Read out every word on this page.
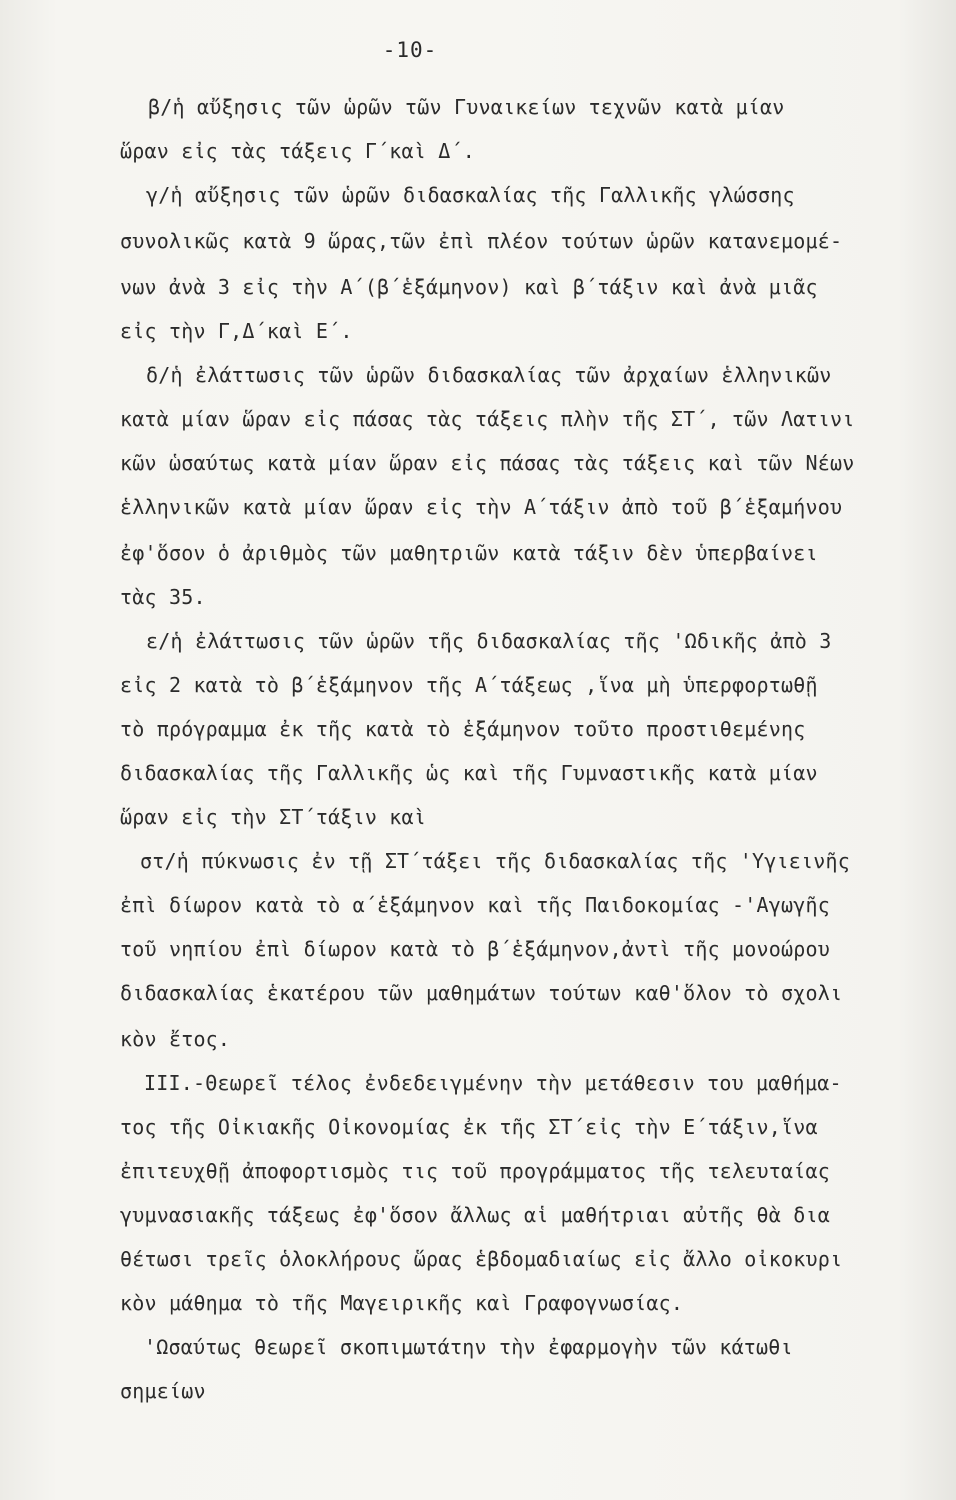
-10-
β/ἡ αὔξησις τῶν ὡρῶν τῶν Γυναικείων τεχνῶν κατὰ μίαν
ὥραν εἰς τὰς τάξεις Γ΄καὶ Δ΄.
γ/ἡ αὔξησις τῶν ὡρῶν διδασκαλίας τῆς Γαλλικῆς γλώσσης
συνολικῶς κατὰ 9 ὥρας,τῶν ἐπὶ πλέον τούτων ὡρῶν κατανεμομέ-
νων ἀνὰ 3 εἰς τὴν Α΄(β΄ἑξάμηνον) καὶ β΄τάξιν καὶ ἀνὰ μιᾶς
εἰς τὴν Γ,Δ΄καὶ Ε΄.
δ/ἡ ἐλάττωσις τῶν ὡρῶν διδασκαλίας τῶν ἀρχαίων ἑλληνικῶν
κατὰ μίαν ὥραν εἰς πάσας τὰς τάξεις πλὴν τῆς ΣΤ΄, τῶν Λατινι
κῶν ὡσαύτως κατὰ μίαν ὥραν εἰς πάσας τὰς τάξεις καὶ τῶν Νέων
ἑλληνικῶν κατὰ μίαν ὥραν εἰς τὴν Α΄τάξιν ἀπὸ τοῦ β΄ἑξαμήνου
ἐφ'ὅσον ὁ ἀριθμὸς τῶν μαθητριῶν κατὰ τάξιν δὲν ὑπερβαίνει
τὰς 35.
ε/ἡ ἐλάττωσις τῶν ὡρῶν τῆς διδασκαλίας τῆς 'Ωδικῆς ἀπὸ 3
εἰς 2 κατὰ τὸ β΄ἑξάμηνον τῆς Α΄τάξεως ,ἵνα μὴ ὑπερφορτωθῇ
τὸ πρόγραμμα ἐκ τῆς κατὰ τὸ ἑξάμηνον τοῦτο προστιθεμένης
διδασκαλίας τῆς Γαλλικῆς ὡς καὶ τῆς Γυμναστικῆς κατὰ μίαν
ὥραν εἰς τὴν ΣΤ΄τάξιν καὶ
στ/ἡ πύκνωσις ἐν τῇ ΣΤ΄τάξει τῆς διδασκαλίας τῆς 'Υγιεινῆς
ἐπὶ δίωρον κατὰ τὸ α΄ἑξάμηνον καὶ τῆς Παιδοκομίας -'Αγωγῆς
τοῦ νηπίου ἐπὶ δίωρον κατὰ τὸ β΄ἑξάμηνον,ἀντὶ τῆς μονοώρου
διδασκαλίας ἑκατέρου τῶν μαθημάτων τούτων καθ'ὅλον τὸ σχολι
κὸν ἔτος.
ΙΙΙ.-Θεωρεῖ τέλος ἐνδεδειγμένην τὴν μετάθεσιν του μαθήμα-
τος τῆς Οἰκιακῆς Οἰκονομίας ἐκ τῆς ΣΤ΄εἰς τὴν Ε΄τάξιν,ἵνα
ἐπιτευχθῇ ἀποφορτισμὸς τις τοῦ προγράμματος τῆς τελευταίας
γυμνασιακῆς τάξεως ἐφ'ὅσον ἄλλως αἱ μαθήτριαι αὐτῆς θὰ δια
θέτωσι τρεῖς ὁλοκλήρους ὥρας ἑβδομαδιαίως εἰς ἄλλο οἰκοκυρι
κὸν μάθημα τὸ τῆς Μαγειρικῆς καὶ Γραφογνωσίας.
'Ωσαύτως θεωρεῖ σκοπιμωτάτην τὴν ἐφαρμογὴν τῶν κάτωθι
σημείων
